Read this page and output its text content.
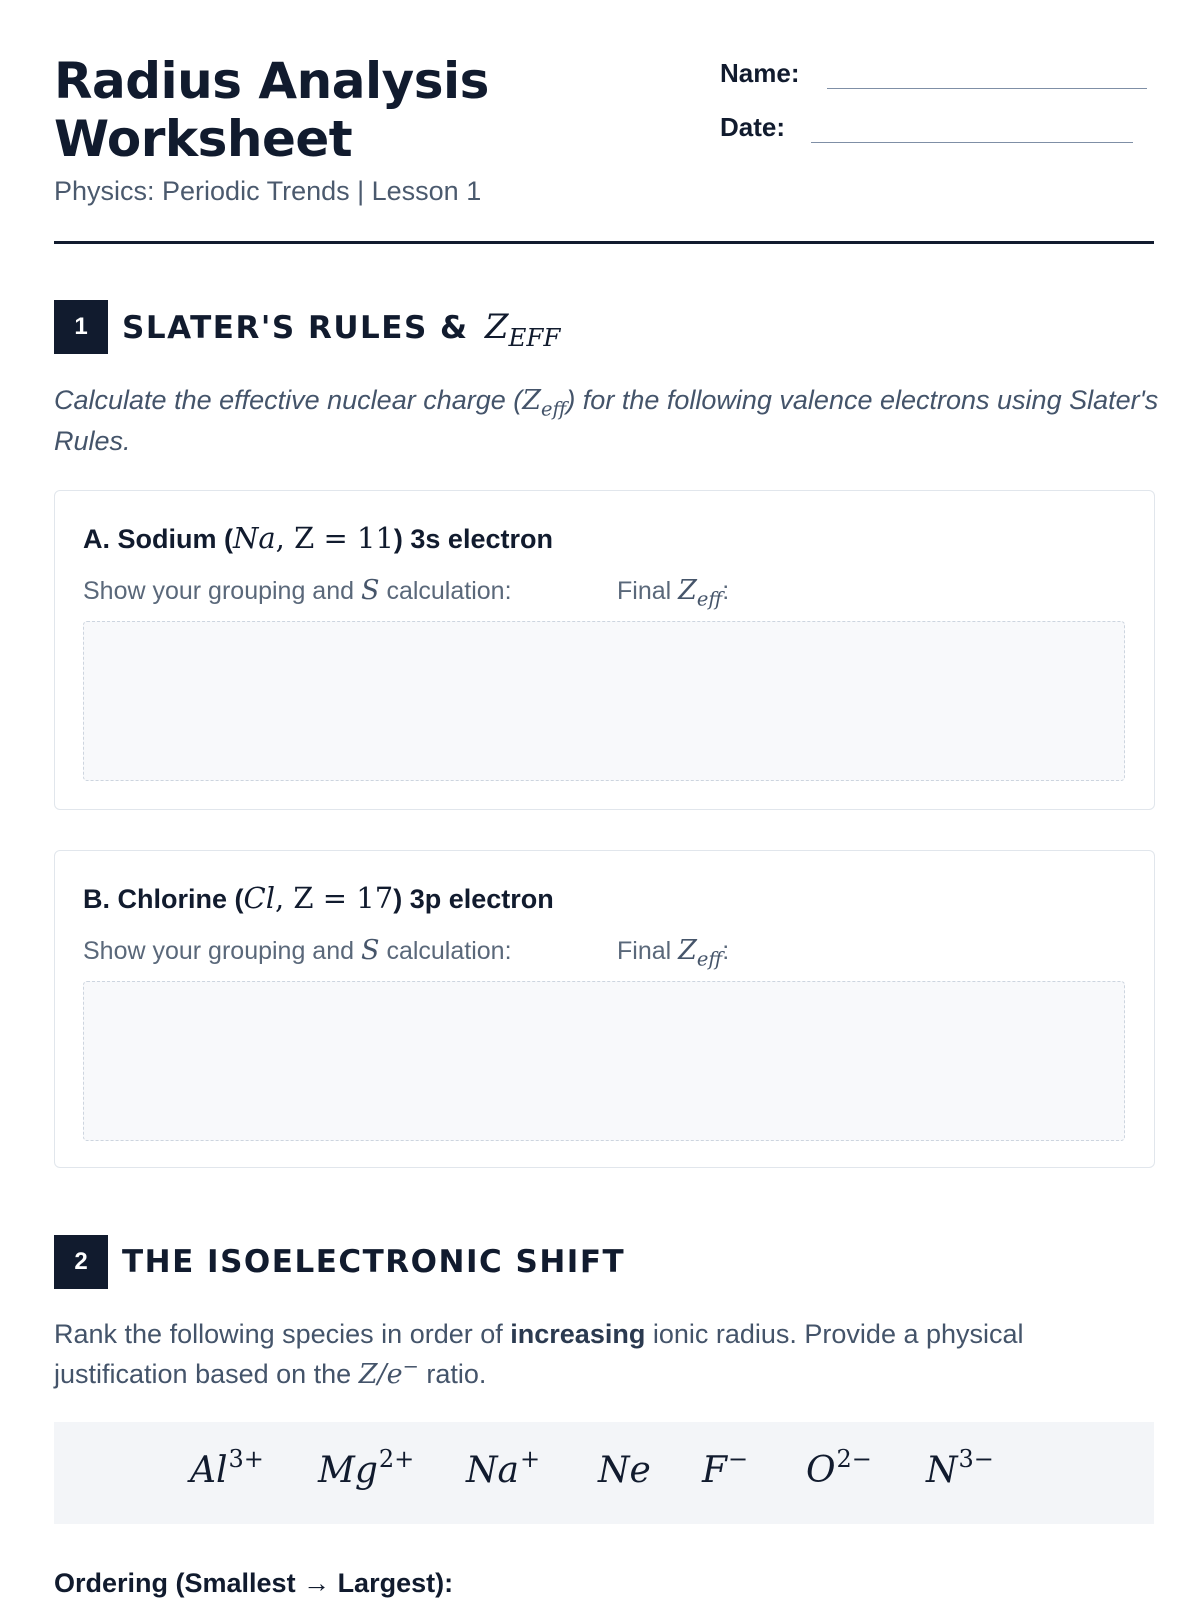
Radius Analysis Worksheet
Physics: Periodic Trends | Lesson 1
Name:
Date:
1	SLATER'S RULES & $Z_{EFF}$
Calculate the effective nuclear charge $(Z_{eff})$ for the following valence electrons using Slater's Rules.
A. Sodium (Na, Z = 11) 3s electron
Show your grouping and S calculation:	Final $Z_{eff}$:
B. Chlorine (Cl, Z = 17) 3p electron
Show your grouping and S calculation:	Final $Z_{eff}$:
2	THE ISOELECTRONIC SHIFT
Rank the following species in order of increasing ionic radius. Provide a physical justification based on the Z/e− ratio.
$Al^{3+}$ $Mg^{2+}$ Na+ Ne F− $O^{2-}$ $N^{3-}$
Ordering (Smallest → Largest):
